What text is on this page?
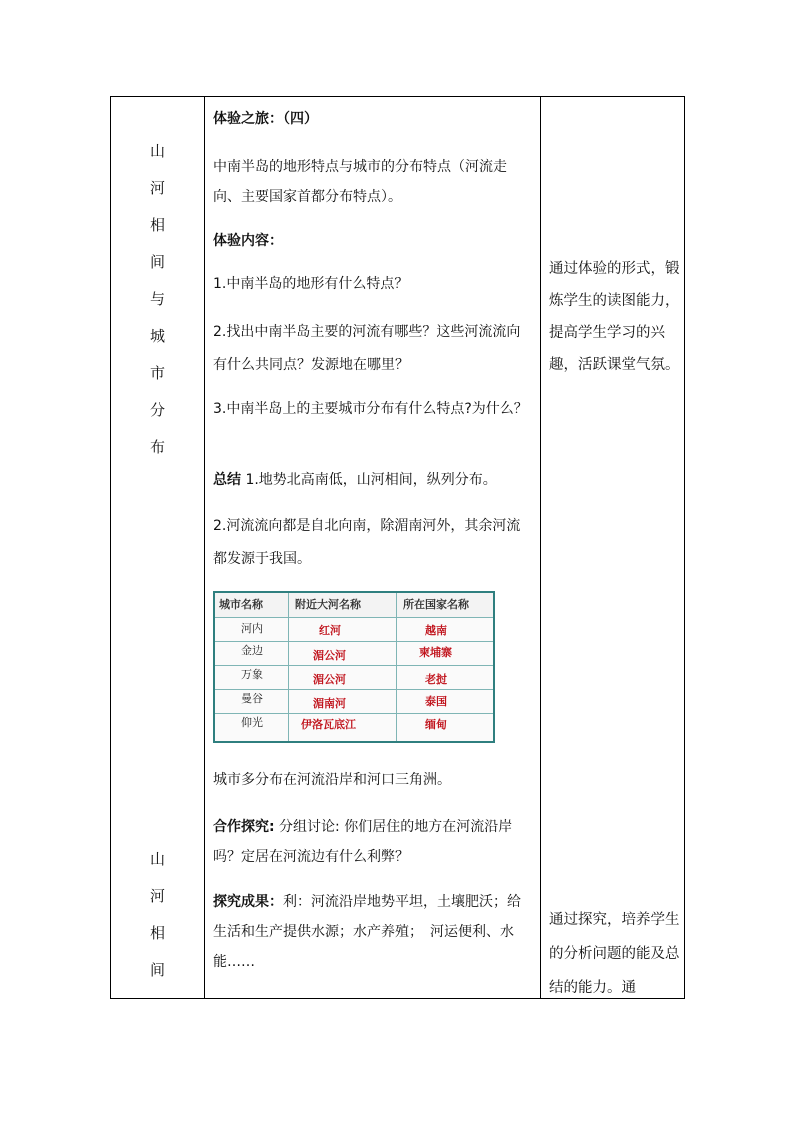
山
河
相
间
与
城
市
分
布
山
河
相
间
体验之旅：（四）
中南半岛的地形特点与城市的分布特点（河流走向、主要国家首都分布特点）。
体验内容：
1.中南半岛的地形有什么特点？
2.找出中南半岛主要的河流有哪些？这些河流流向有什么共同点？发源地在哪里？
3.中南半岛上的主要城市分布有什么特点?为什么？
总结 1.地势北高南低，山河相间，纵列分布。
2.河流流向都是自北向南，除湄南河外，其余河流都发源于我国。
城市多分布在河流沿岸和河口三角洲。
合作探究: 分组讨论: 你们居住的地方在河流沿岸吗？定居在河流边有什么利弊？
探究成果：利：河流沿岸地势平坦，土壤肥沃；给生活和生产提供水源；水产养殖；　河运便利、水能……
城市名称	附近大河名称	所在国家名称
河内	红河	越南
金边	湄公河	柬埔寨
万象	湄公河	老挝
曼谷	湄南河	泰国
仰光	伊洛瓦底江	缅甸
通过体验的形式，锻炼学生的读图能力，提高学生学习的兴趣，活跃课堂气氛。
通过探究，培养学生的分析问题的能及总结的能力。通
